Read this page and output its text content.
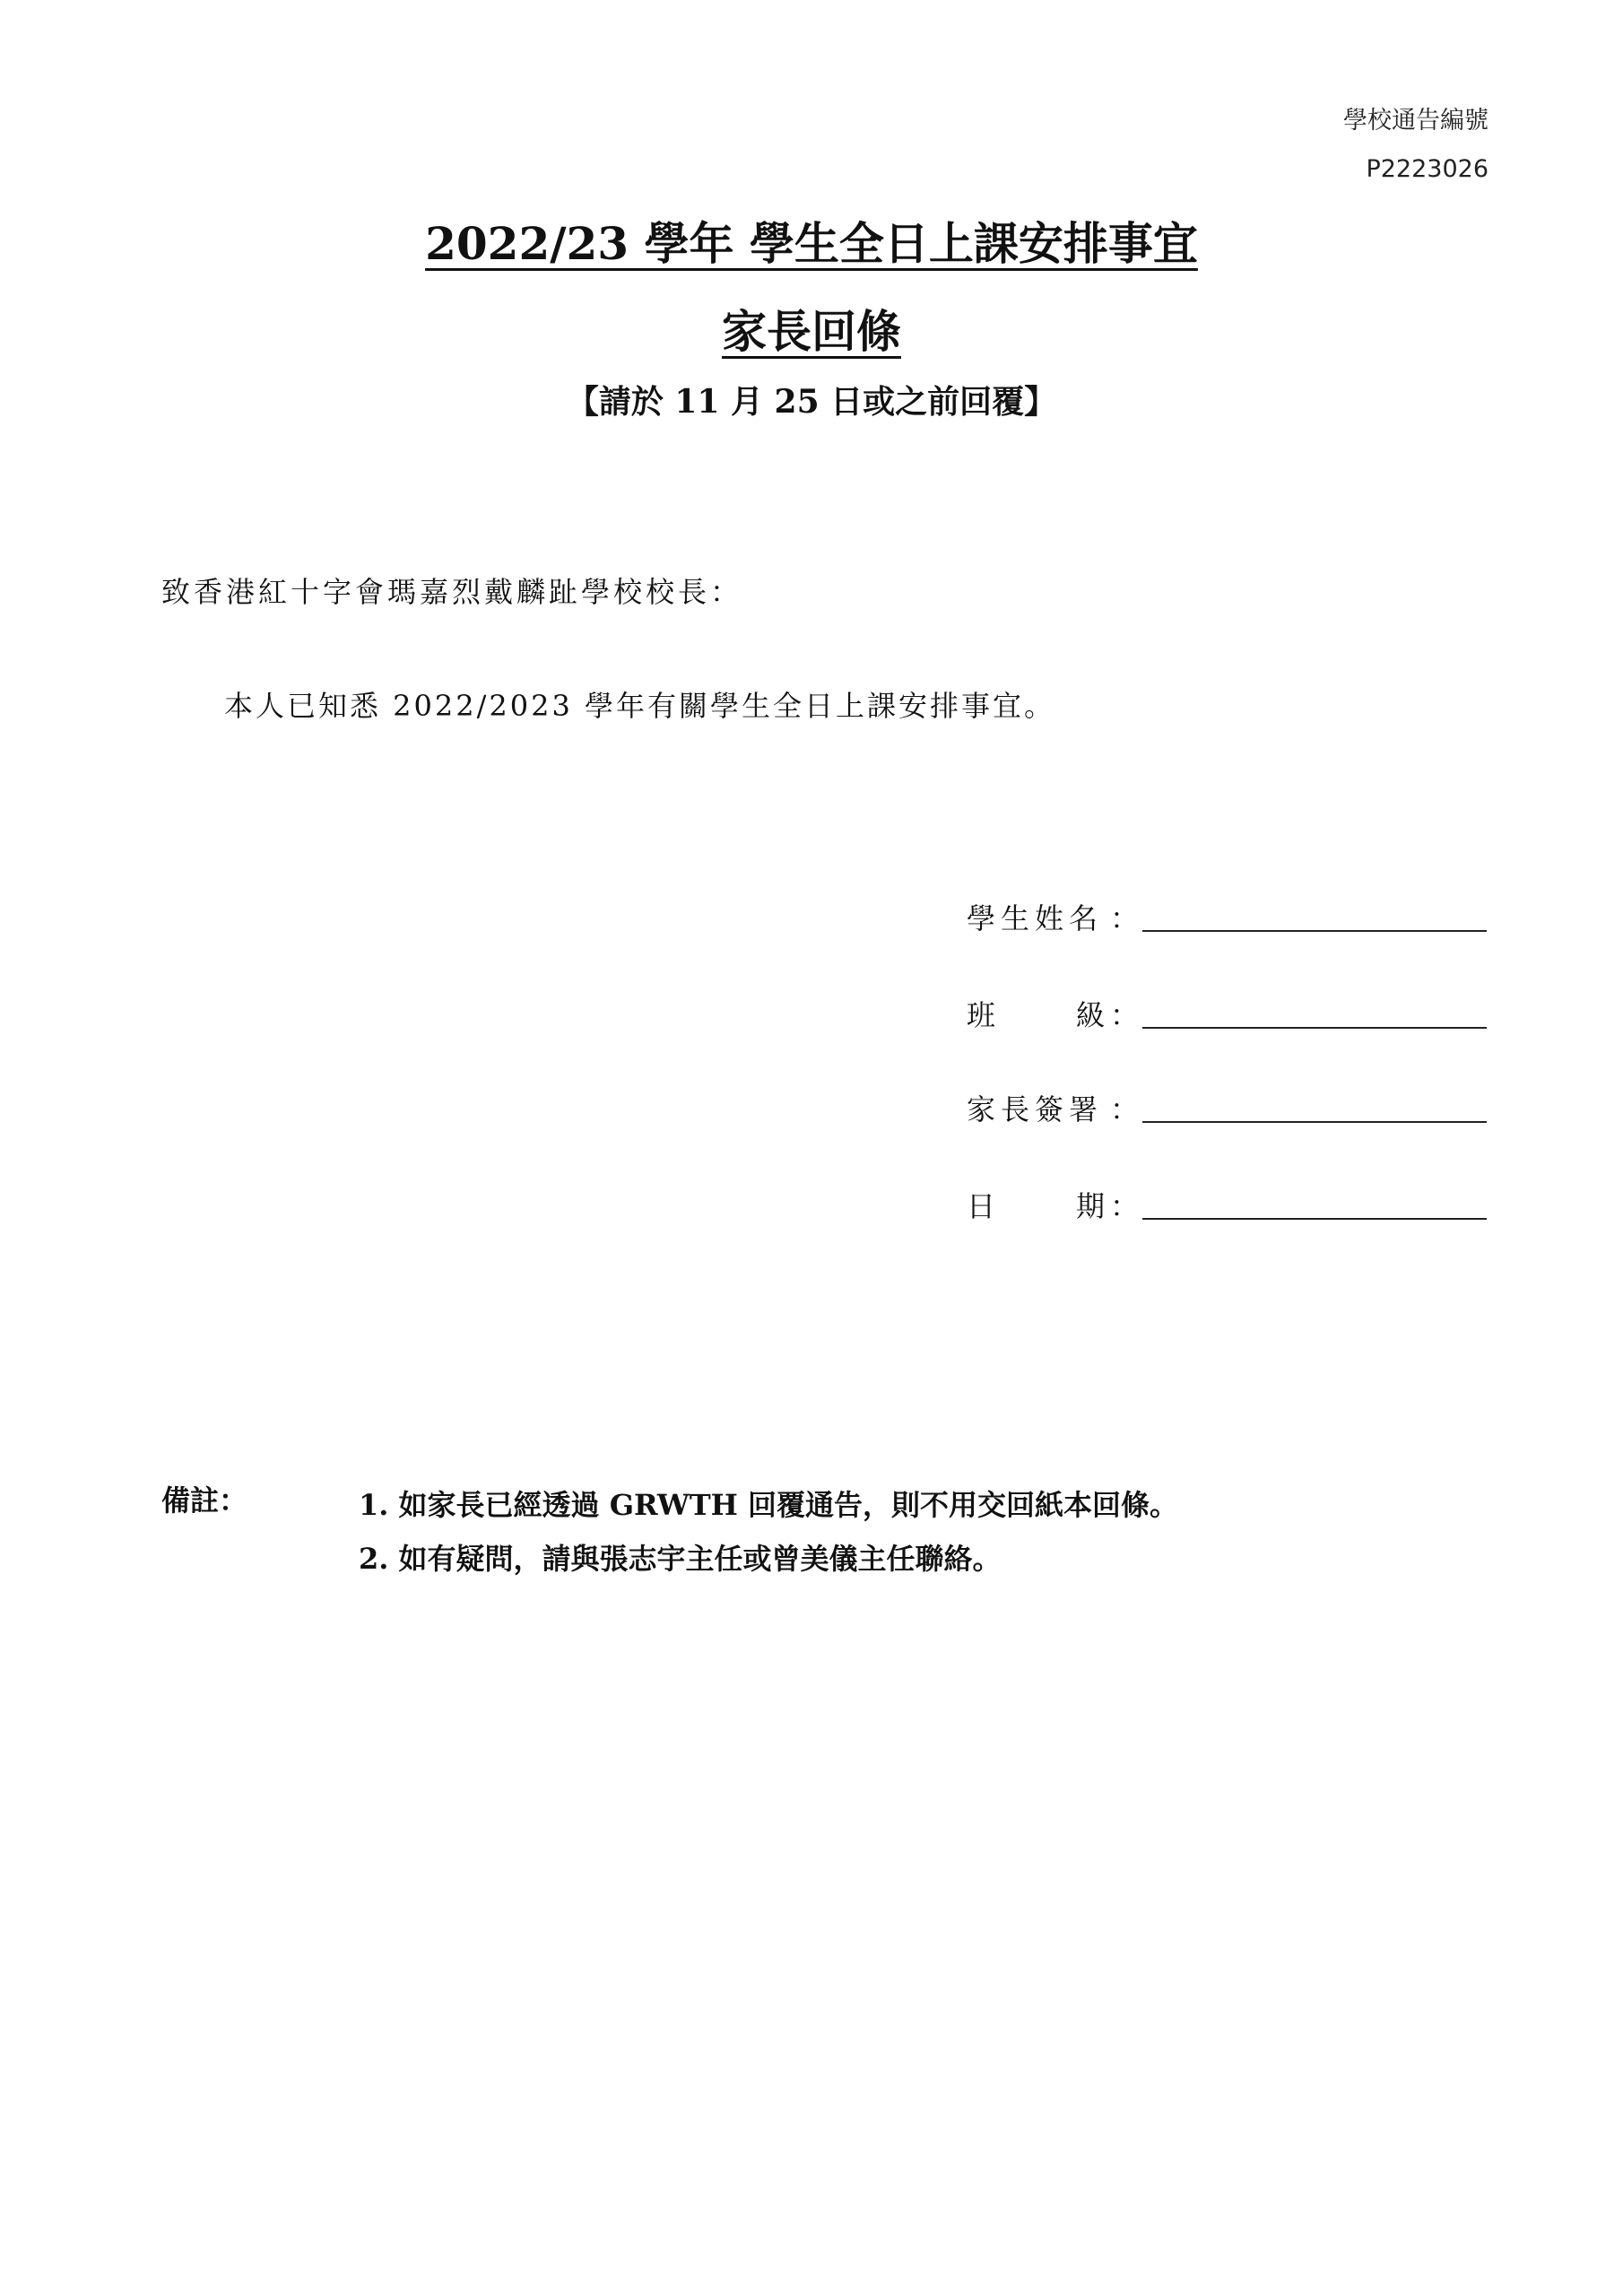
學校通告編號
P2223026
2022/23 學年 學生全日上課安排事宜
家長回條
【請於 11 月 25 日或之前回覆】
致香港紅十字會瑪嘉烈戴麟趾學校校長：
本人已知悉 2022/2023 學年有關學生全日上課安排事宜。
學生姓名 ：
班	級 ：
家長簽署 ：
日	期 ：
備註：	1. 如家長已經透過 GRWTH 回覆通告，則不用交回紙本回條。
2. 如有疑問，請與張志宇主任或曾美儀主任聯絡。
